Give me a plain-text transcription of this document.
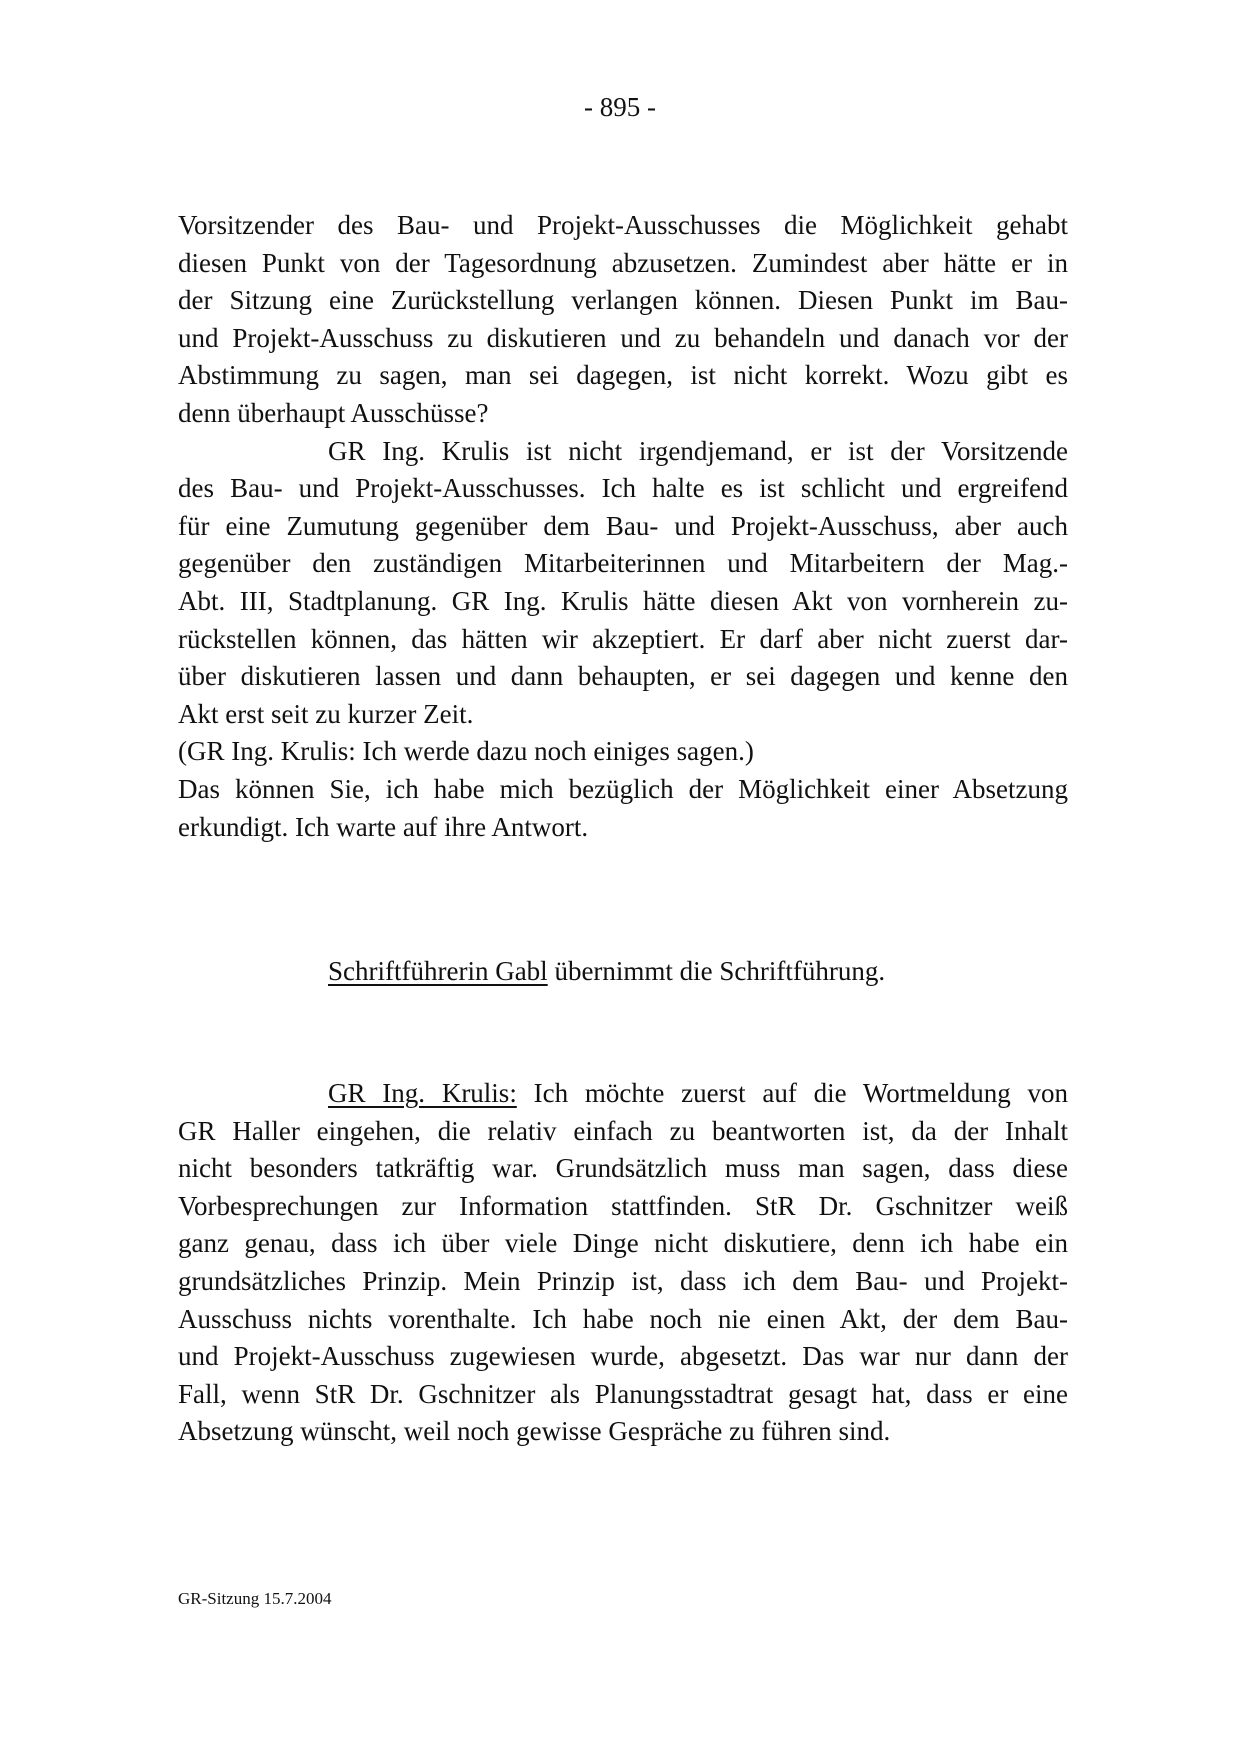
- 895 -
Vorsitzender des Bau- und Projekt-Ausschusses die Möglichkeit gehabt
diesen Punkt von der Tagesordnung abzusetzen. Zumindest aber hätte er in
der Sitzung eine Zurückstellung verlangen können. Diesen Punkt im Bau-
und Projekt-Ausschuss zu diskutieren und zu behandeln und danach vor der
Abstimmung zu sagen, man sei dagegen, ist nicht korrekt. Wozu gibt es
denn überhaupt Ausschüsse?
GR Ing. Krulis ist nicht irgendjemand, er ist der Vorsitzende
des Bau- und Projekt-Ausschusses. Ich halte es ist schlicht und ergreifend
für eine Zumutung gegenüber dem Bau- und Projekt-Ausschuss, aber auch
gegenüber den zuständigen Mitarbeiterinnen und Mitarbeitern der Mag.-
Abt. III, Stadtplanung. GR Ing. Krulis hätte diesen Akt von vornherein zu-
rückstellen können, das hätten wir akzeptiert. Er darf aber nicht zuerst dar-
über diskutieren lassen und dann behaupten, er sei dagegen und kenne den
Akt erst seit zu kurzer Zeit.
(GR Ing. Krulis: Ich werde dazu noch einiges sagen.)
Das können Sie, ich habe mich bezüglich der Möglichkeit einer Absetzung
erkundigt. Ich warte auf ihre Antwort.
Schriftführerin Gabl übernimmt die Schriftführung.
GR Ing. Krulis: Ich möchte zuerst auf die Wortmeldung von
GR Haller eingehen, die relativ einfach zu beantworten ist, da der Inhalt
nicht besonders tatkräftig war. Grundsätzlich muss man sagen, dass diese
Vorbesprechungen zur Information stattfinden. StR Dr. Gschnitzer weiß
ganz genau, dass ich über viele Dinge nicht diskutiere, denn ich habe ein
grundsätzliches Prinzip. Mein Prinzip ist, dass ich dem Bau- und Projekt-
Ausschuss nichts vorenthalte. Ich habe noch nie einen Akt, der dem Bau-
und Projekt-Ausschuss zugewiesen wurde, abgesetzt. Das war nur dann der
Fall, wenn StR Dr. Gschnitzer als Planungsstadtrat gesagt hat, dass er eine
Absetzung wünscht, weil noch gewisse Gespräche zu führen sind.
GR-Sitzung 15.7.2004
